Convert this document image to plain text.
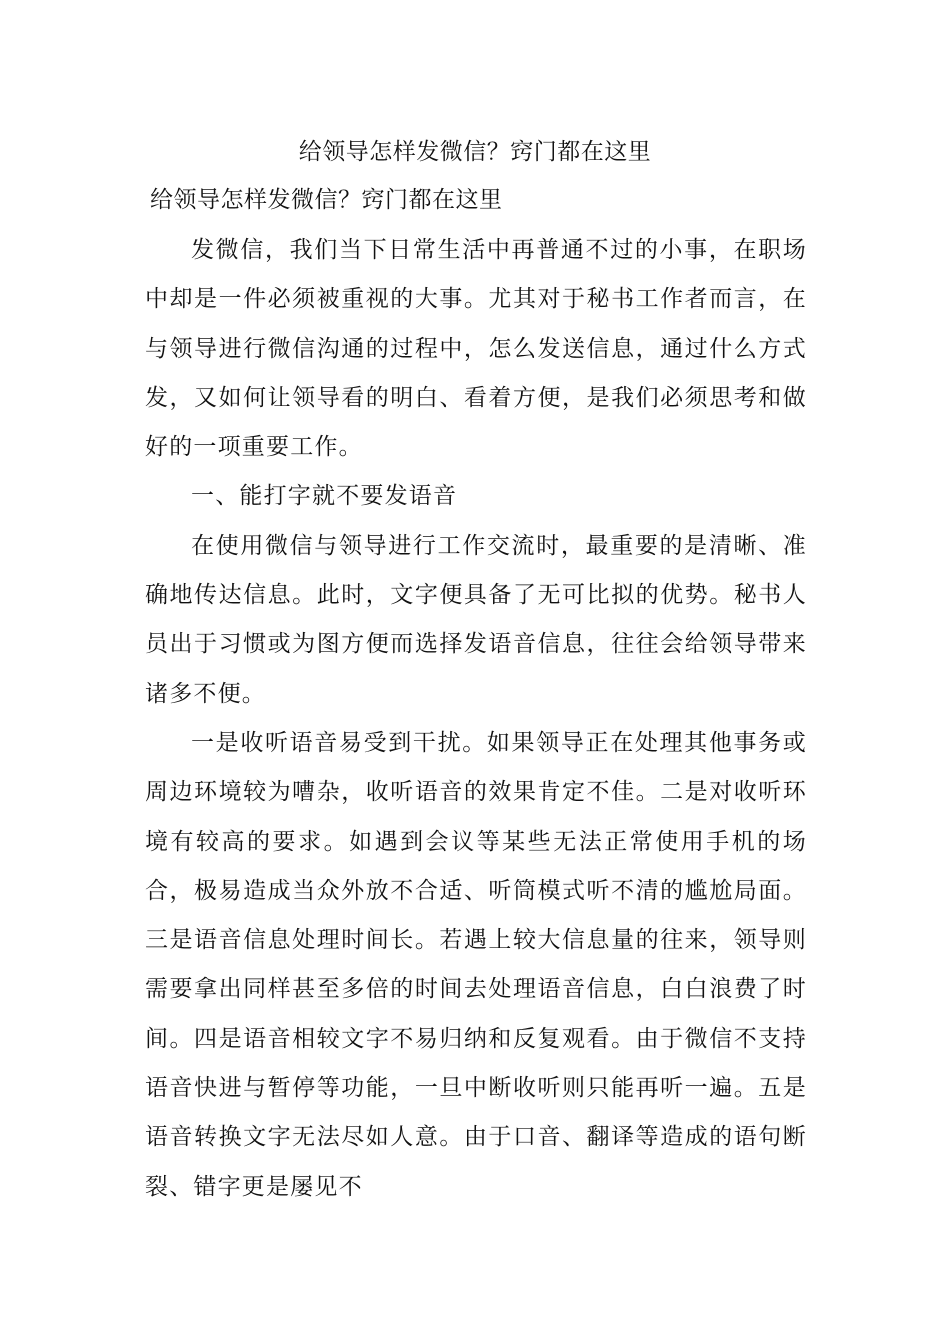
给领导怎样发微信？窍门都在这里
给领导怎样发微信？窍门都在这里

发微信，我们当下日常生活中再普通不过的小事，在职场中却是一件必须被重视的大事。尤其对于秘书工作者而言，在与领导进行微信沟通的过程中，怎么发送信息，通过什么方式发，又如何让领导看的明白、看着方便，是我们必须思考和做好的一项重要工作。

一、能打字就不要发语音

在使用微信与领导进行工作交流时，最重要的是清晰、准确地传达信息。此时，文字便具备了无可比拟的优势。秘书人员出于习惯或为图方便而选择发语音信息，往往会给领导带来诸多不便。

一是收听语音易受到干扰。如果领导正在处理其他事务或周边环境较为嘈杂，收听语音的效果肯定不佳。二是对收听环境有较高的要求。如遇到会议等某些无法正常使用手机的场合，极易造成当众外放不合适、听筒模式听不清的尴尬局面。三是语音信息处理时间长。若遇上较大信息量的往来，领导则需要拿出同样甚至多倍的时间去处理语音信息，白白浪费了时间。四是语音相较文字不易归纳和反复观看。由于微信不支持语音快进与暂停等功能，一旦中断收听则只能再听一遍。五是语音转换文字无法尽如人意。由于口音、翻译等造成的语句断裂、错字更是屡见不
